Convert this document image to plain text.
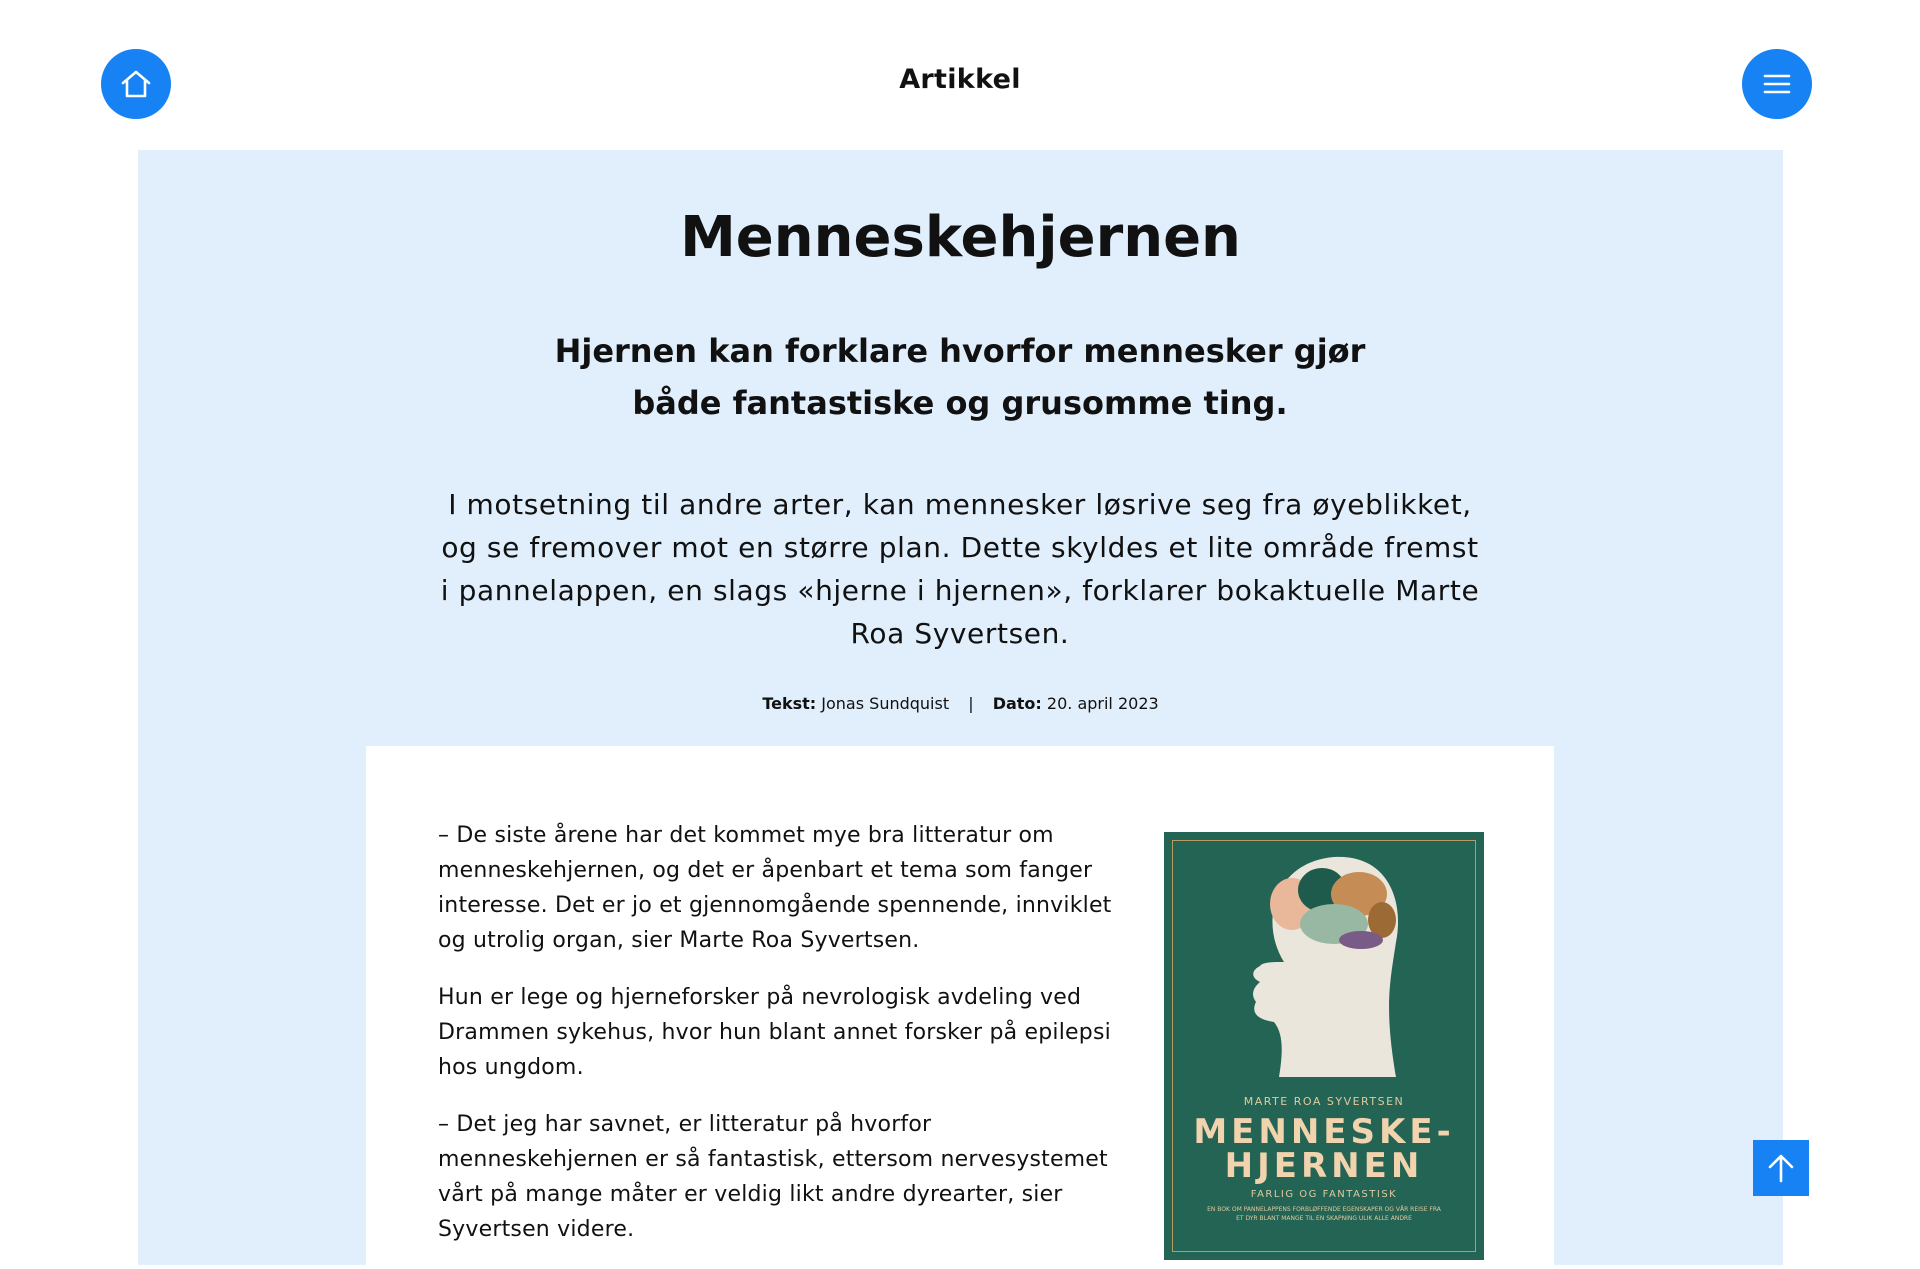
Artikkel
Menneskehjernen

Hjernen kan forklare hvorfor mennesker gjør både fantastiske og grusomme ting.

I motsetning til andre arter, kan mennesker løsrive seg fra øyeblikket, og se fremover mot en større plan. Dette skyldes et lite område fremst i pannelappen, en slags «hjerne i hjernen», forklarer bokaktuelle Marte Roa Syvertsen.

Tekst: Jonas Sundquist | Dato: 20. april 2023

– De siste årene har det kommet mye bra litteratur om menneskehjernen, og det er åpenbart et tema som fanger interesse. Det er jo et gjennomgående spennende, innviklet og utrolig organ, sier Marte Roa Syvertsen.

Hun er lege og hjerneforsker på nevrologisk avdeling ved Drammen sykehus, hvor hun blant annet forsker på epilepsi hos ungdom.

– Det jeg har savnet, er litteratur på hvorfor menneskehjernen er så fantastisk, ettersom nervesystemet vårt på mange måter er veldig likt andre dyrearter, sier Syvertsen videre.

MARTE ROA SYVERTSEN
MENNESKE-
HJERNEN
FARLIG OG FANTASTISK
EN BOK OM PANNELAPPENS FORBLØFFENDE EGENSKAPER OG VÅR REISE FRA ET DYR BLANT MANGE TIL EN SKAPNING ULIK ALLE ANDRE
